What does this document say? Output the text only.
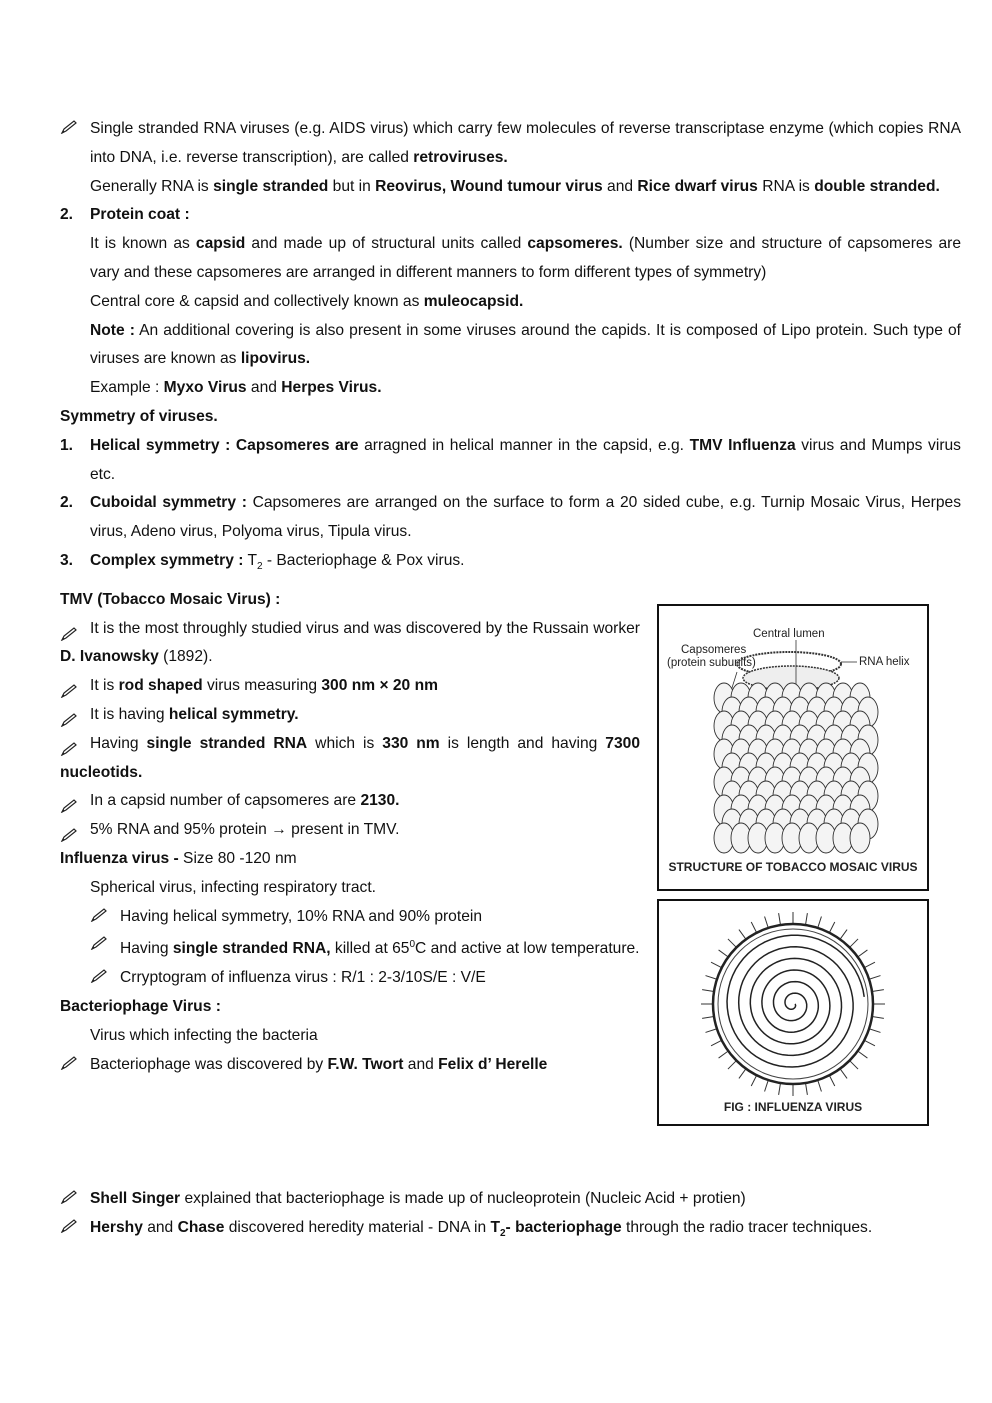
Single stranded RNA viruses (e.g. AIDS virus) which carry few molecules of reverse transcriptase enzyme (which copies RNA into DNA, i.e. reverse transcription), are called retroviruses.
Generally RNA is single stranded but in Reovirus, Wound tumour virus and Rice dwarf virus RNA is double stranded.
2. Protein coat :
It is known as capsid and made up of structural units called capsomeres. (Number size and structure of capsomeres are vary and these capsomeres are arranged in different manners to form different types of symmetry)
Central core & capsid and collectively known as muleocapsid.
Note : An additional covering is also present in some viruses around the capids. It is composed of Lipo protein. Such type of viruses are known as lipovirus.
Example : Myxo Virus and Herpes Virus.
Symmetry of viruses.
1. Helical symmetry : Capsomeres are arragned in helical manner in the capsid, e.g. TMV Influenza virus and Mumps virus etc.
2. Cuboidal symmetry : Capsomeres are arranged on the surface to form a 20 sided cube, e.g. Turnip Mosaic Virus, Herpes virus, Adeno virus, Polyoma virus, Tipula virus.
3. Complex symmetry : $T_2$ - Bacteriophage & Pox virus.
TMV (Tobacco Mosaic Virus) :
It is the most throughly studied virus and was discovered by the Russain worker D. Ivanowsky (1892).
It is rod shaped virus measuring 300 nm × 20 nm
It is having helical symmetry.
Having single stranded RNA which is 330 nm is length and having 7300 nucleotids.
In a capsid number of capsomeres are 2130.
5% RNA and 95% protein → present in TMV.
Influenza virus - Size 80 -120 nm
Spherical virus, infecting respiratory tract.
Having helical symmetry, 10% RNA and 90% protein
Having single stranded RNA, killed at $65^0C$ and active at low temperature.
Crryptogram of influenza virus : R/1 : 2-3/10S/E : V/E
Bacteriophage Virus :
Virus which infecting the bacteria
Bacteriophage was discovered by F.W. Twort and Felix d’ Herelle
Shell Singer explained that bacteriophage is made up of nucleoprotein (Nucleic Acid + protien)
Hershy and Chase discovered heredity material - DNA in $T_2-$ bacteriophage through the radio tracer techniques.
Central lumen
Capsomeres
(protein subunits)	RNA helix
STRUCTURE OF TOBACCO MOSAIC VIRUS
FIG : INFLUENZA VIRUS
